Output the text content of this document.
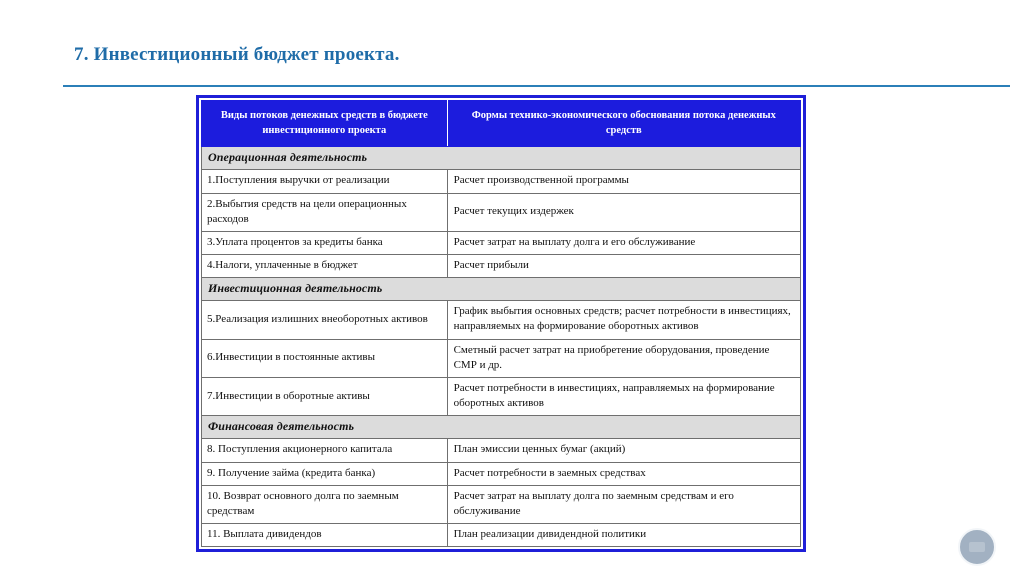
7. Инвестиционный бюджет проекта.
Виды потоков денежных средств в бюджете инвестиционного проекта	Формы технико-экономического обоснования потока денежных средств
Операционная деятельность	
1.Поступления выручки от реализации	Расчет производственной программы
2.Выбытия средств на цели операционных расходов	Расчет текущих издержек
3.Уплата процентов за кредиты банка	Расчет затрат на выплату долга и его обслуживание
4.Налоги, уплаченные в бюджет	Расчет прибыли
Инвестиционная деятельность	
5.Реализация излишних внеоборотных активов	График выбытия основных средств; расчет потребности в инвестициях, направляемых на формирование оборотных активов
6.Инвестиции в постоянные активы	Сметный расчет затрат на приобретение оборудования, проведение СМР и др.
7.Инвестиции в оборотные активы	Расчет потребности в инвестициях, направляемых на формирование оборотных активов
Финансовая деятельность	
8. Поступления акционерного капитала	План эмиссии ценных бумаг (акций)
9. Получение займа (кредита банка)	Расчет потребности в заемных средствах
10. Возврат основного долга по заемным средствам	Расчет затрат на выплату долга по заемным средствам и его обслуживание
11. Выплата дивидендов	План реализации дивидендной политики
